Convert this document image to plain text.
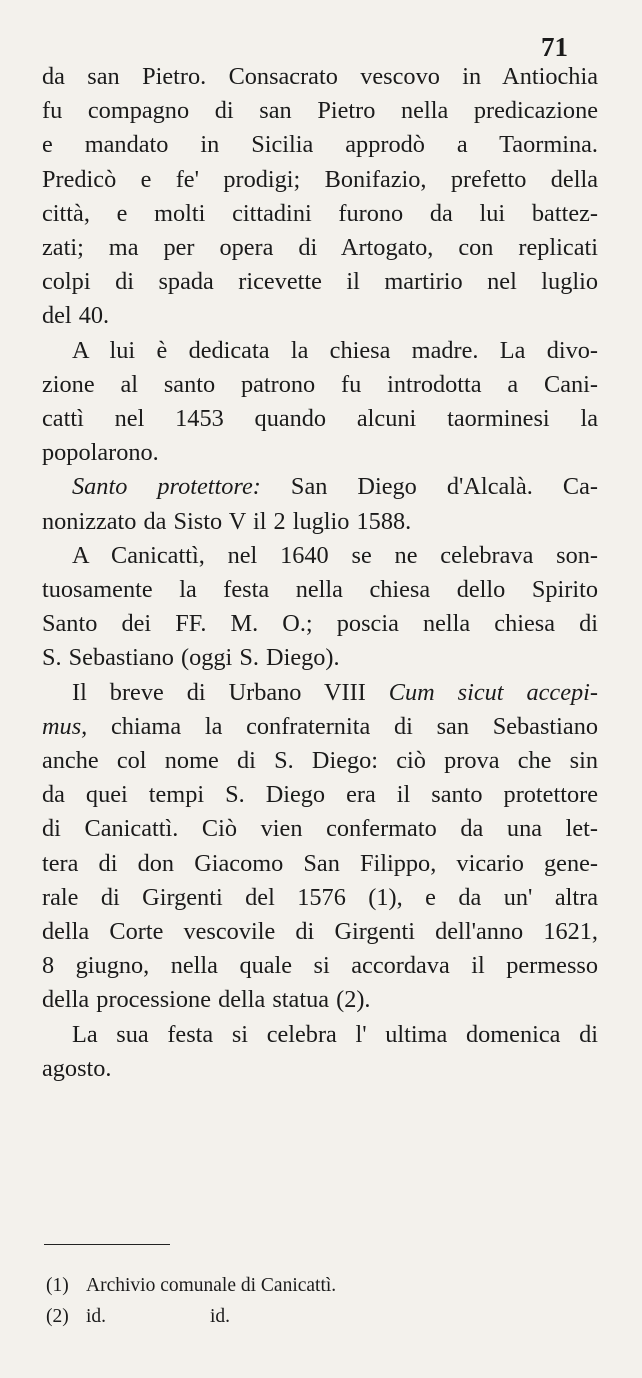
71

da san Pietro. Consacrato vescovo in Antiochia
fu compagno di san Pietro nella predicazione
e mandato in Sicilia approdò a Taormina.
Predicò e fe' prodigi; Bonifazio, prefetto della
città, e molti cittadini furono da lui battez-
zati; ma per opera di Artogato, con replicati
colpi di spada ricevette il martirio nel luglio
del 40.

A lui è dedicata la chiesa madre. La divo-
zione al santo patrono fu introdotta a Cani-
cattì nel 1453 quando alcuni taorminesi la
popolarono.

Santo protettore: San Diego d'Alcalà. Ca-
nonizzato da Sisto V il 2 luglio 1588.

A Canicattì, nel 1640 se ne celebrava son-
tuosamente la festa nella chiesa dello Spirito
Santo dei FF. M. O.; poscia nella chiesa di
S. Sebastiano (oggi S. Diego).

Il breve di Urbano VIII Cum sicut accepi-
mus, chiama la confraternita di san Sebastiano
anche col nome di S. Diego: ciò prova che sin
da quei tempi S. Diego era il santo protettore
di Canicattì. Ciò vien confermato da una let-
tera di don Giacomo San Filippo, vicario gene-
rale di Girgenti del 1576 (1), e da un' altra
della Corte vescovile di Girgenti dell'anno 1621,
8 giugno, nella quale si accordava il permesso
della processione della statua (2).

La sua festa si celebra l' ultima domenica di
agosto.

(1) Archivio comunale di Canicattì.
(2) id.	id.
